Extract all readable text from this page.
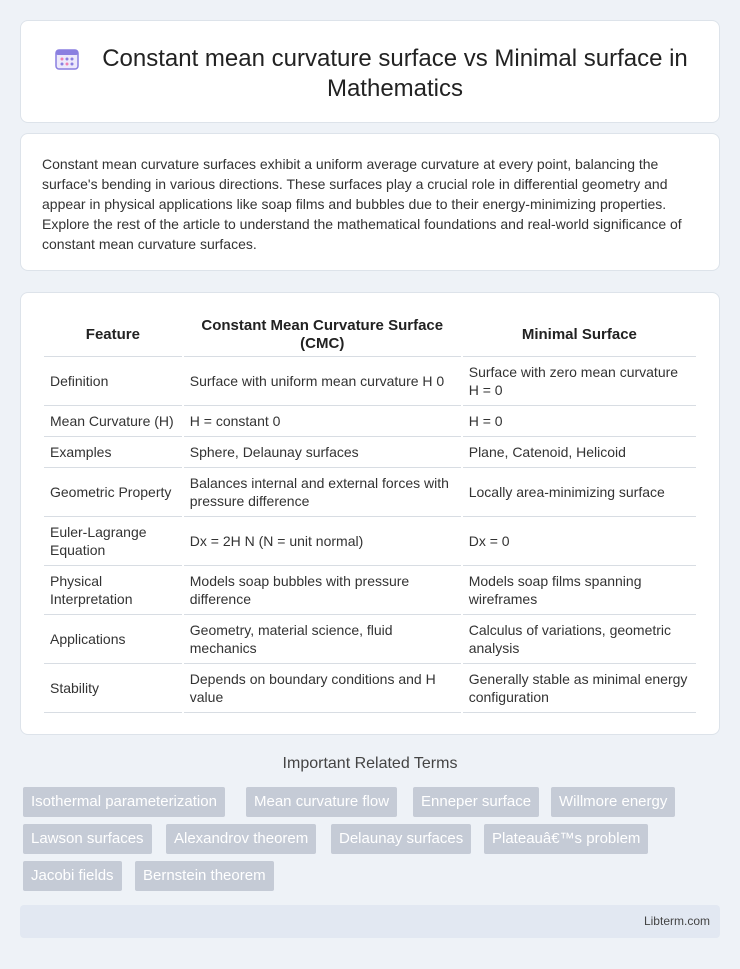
Constant mean curvature surface vs Minimal surface in Mathematics

Constant mean curvature surfaces exhibit a uniform average curvature at every point, balancing the surface's bending in various directions. These surfaces play a crucial role in differential geometry and appear in physical applications like soap films and bubbles due to their energy-minimizing properties. Explore the rest of the article to understand the mathematical foundations and real-world significance of constant mean curvature surfaces.

Feature	Constant Mean Curvature Surface (CMC)	Minimal Surface
Definition	Surface with uniform mean curvature H 0	Surface with zero mean curvature H = 0
Mean Curvature (H)	H = constant 0	H = 0
Examples	Sphere, Delaunay surfaces	Plane, Catenoid, Helicoid
Geometric Property	Balances internal and external forces with pressure difference	Locally area-minimizing surface
Euler-Lagrange Equation	Dx = 2H N (N = unit normal)	Dx = 0
Physical Interpretation	Models soap bubbles with pressure difference	Models soap films spanning wireframes
Applications	Geometry, material science, fluid mechanics	Calculus of variations, geometric analysis
Stability	Depends on boundary conditions and H value	Generally stable as minimal energy configuration
Important Related Terms
Isothermal parameterization	Mean curvature flow	Enneper surface	Willmore energy
Lawson surfaces	Alexandrov theorem	Delaunay surfaces	Plateauâ€™s problem
Jacobi fields	Bernstein theorem
Libterm.com
